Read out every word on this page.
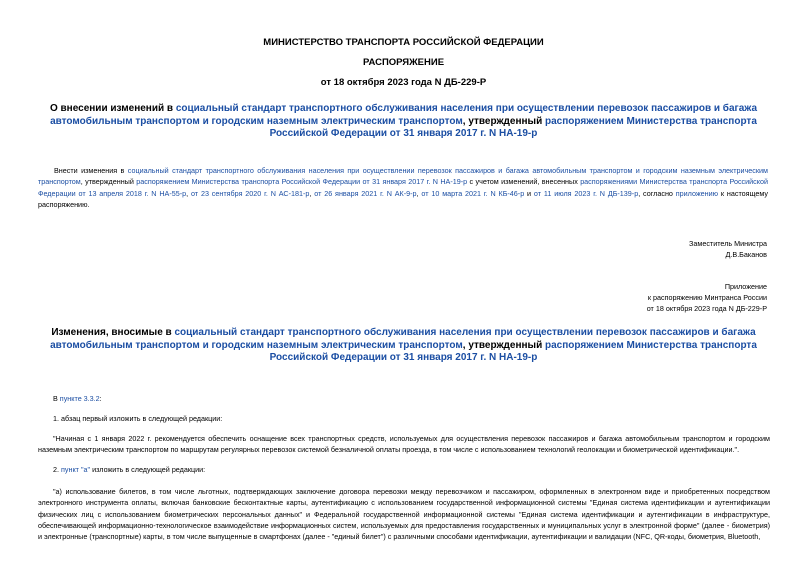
МИНИСТЕРСТВО ТРАНСПОРТА РОССИЙСКОЙ ФЕДЕРАЦИИ
РАСПОРЯЖЕНИЕ
от 18 октября 2023 года N ДБ-229-Р
О внесении изменений в социальный стандарт транспортного обслуживания населения при осуществлении перевозок пассажиров и багажа автомобильным транспортом и городским наземным электрическим транспортом, утвержденный распоряжением Министерства транспорта Российской Федерации от 31 января 2017 г. N НА-19-р
Внести изменения в социальный стандарт транспортного обслуживания населения при осуществлении перевозок пассажиров и багажа автомобильным транспортом и городским наземным электрическим транспортом, утвержденный распоряжением Министерства транспорта Российской Федерации от 31 января 2017 г. N НА-19-р с учетом изменений, внесенных распоряжениями Министерства транспорта Российской Федерации от 13 апреля 2018 г. N НА-55-р, от 23 сентября 2020 г. N АС-181-р, от 26 января 2021 г. N АК-9-р, от 10 марта 2021 г. N КБ-46-р и от 11 июля 2023 г. N ДБ-139-р, согласно приложению к настоящему распоряжению.
Заместитель Министра
Д.В.Баканов
Приложение
к распоряжению Минтранса России
от 18 октября 2023 года N ДБ-229-Р
Изменения, вносимые в социальный стандарт транспортного обслуживания населения при осуществлении перевозок пассажиров и багажа автомобильным транспортом и городским наземным электрическим транспортом, утвержденный распоряжением Министерства транспорта Российской Федерации от 31 января 2017 г. N НА-19-р
В пункте 3.3.2:
1. абзац первый изложить в следующей редакции:
"Начиная с 1 января 2022 г. рекомендуется обеспечить оснащение всех транспортных средств, используемых для осуществления перевозок пассажиров и багажа автомобильным транспортом и городским наземным электрическим транспортом по маршрутам регулярных перевозок системой безналичной оплаты проезда, в том числе с использованием технологий геолокации и биометрической идентификации.".
2. пункт "а" изложить в следующей редакции:
"а) использование билетов, в том числе льготных, подтверждающих заключение договора перевозки между перевозчиком и пассажиром, оформленных в электронном виде и приобретенных посредством электронного инструмента оплаты, включая банковские бесконтактные карты, аутентификацию с использованием государственной информационной системы "Единая система идентификации и аутентификации физических лиц с использованием биометрических персональных данных" и Федеральной государственной информационной системы "Единая система идентификации и аутентификации в инфраструктуре, обеспечивающей информационно-технологическое взаимодействие информационных систем, используемых для предоставления государственных и муниципальных услуг в электронной форме" (далее - биометрия) и электронные (транспортные) карты, в том числе выпущенные в смартфонах (далее - "единый билет") с различными способами идентификации, аутентификации и валидации (NFC, QR-коды, биометрия, Bluetooth,
